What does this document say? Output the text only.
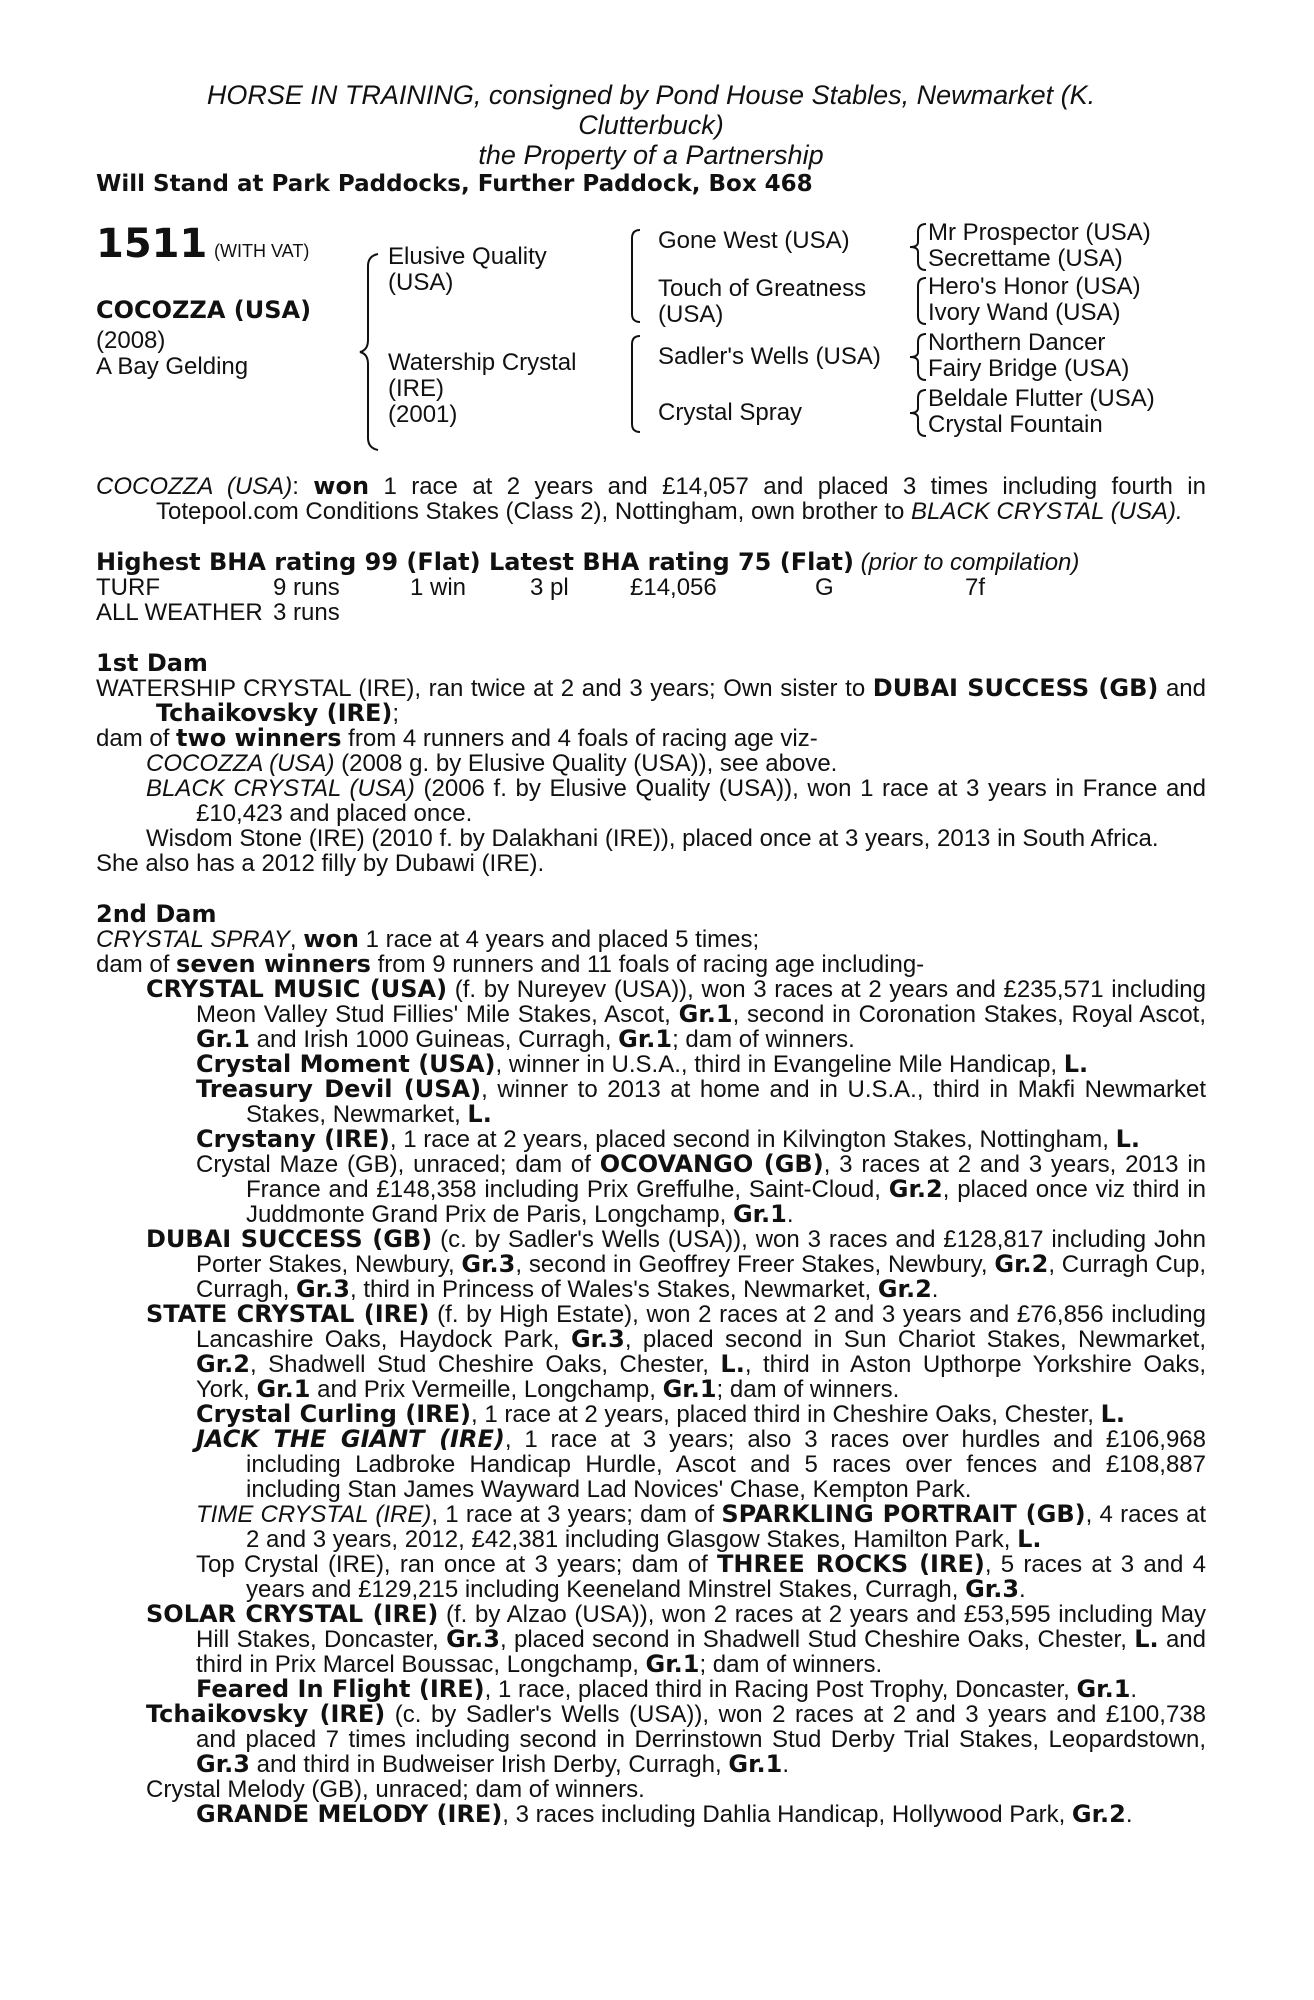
HORSE IN TRAINING, consigned by Pond House Stables, Newmarket (K.
Clutterbuck)
the Property of a Partnership
Will Stand at Park Paddocks, Further Paddock, Box 468
1511 (WITH VAT)
COCOZZA (USA)
(2008)
A Bay Gelding
Elusive Quality
(USA)
Watership Crystal
(IRE)
(2001)
Gone West (USA)
Touch of Greatness
(USA)
Sadler's Wells (USA)
Crystal Spray
Mr Prospector (USA)
Secrettame (USA)
Hero's Honor (USA)
Ivory Wand (USA)
Northern Dancer
Fairy Bridge (USA)
Beldale Flutter (USA)
Crystal Fountain

COCOZZA (USA): won 1 race at 2 years and £14,057 and placed 3 times including fourth in Totepool.com Conditions Stakes (Class 2), Nottingham, own brother to BLACK CRYSTAL (USA).

Highest BHA rating 99 (Flat) Latest BHA rating 75 (Flat) (prior to compilation)

TURF	9 runs	1 win	3 pl	£14,056	G	7f
ALL WEATHER	3 runs					

1st Dam

WATERSHIP CRYSTAL (IRE), ran twice at 2 and 3 years; Own sister to DUBAI SUCCESS (GB) and Tchaikovsky (IRE);

dam of two winners from 4 runners and 4 foals of racing age viz-

COCOZZA (USA) (2008 g. by Elusive Quality (USA)), see above.

BLACK CRYSTAL (USA) (2006 f. by Elusive Quality (USA)), won 1 race at 3 years in France and £10,423 and placed once.

Wisdom Stone (IRE) (2010 f. by Dalakhani (IRE)), placed once at 3 years, 2013 in South Africa.

She also has a 2012 filly by Dubawi (IRE).

2nd Dam

CRYSTAL SPRAY, won 1 race at 4 years and placed 5 times;

dam of seven winners from 9 runners and 11 foals of racing age including-

CRYSTAL MUSIC (USA) (f. by Nureyev (USA)), won 3 races at 2 years and £235,571 including Meon Valley Stud Fillies' Mile Stakes, Ascot, Gr.1, second in Coronation Stakes, Royal Ascot, Gr.1 and Irish 1000 Guineas, Curragh, Gr.1; dam of winners.

Crystal Moment (USA), winner in U.S.A., third in Evangeline Mile Handicap, L.

Treasury Devil (USA), winner to 2013 at home and in U.S.A., third in Makfi Newmarket Stakes, Newmarket, L.

Crystany (IRE), 1 race at 2 years, placed second in Kilvington Stakes, Nottingham, L.

Crystal Maze (GB), unraced; dam of OCOVANGO (GB), 3 races at 2 and 3 years, 2013 in France and £148,358 including Prix Greffulhe, Saint-Cloud, Gr.2, placed once viz third in Juddmonte Grand Prix de Paris, Longchamp, Gr.1.

DUBAI SUCCESS (GB) (c. by Sadler's Wells (USA)), won 3 races and £128,817 including John Porter Stakes, Newbury, Gr.3, second in Geoffrey Freer Stakes, Newbury, Gr.2, Curragh Cup, Curragh, Gr.3, third in Princess of Wales's Stakes, Newmarket, Gr.2.

STATE CRYSTAL (IRE) (f. by High Estate), won 2 races at 2 and 3 years and £76,856 including Lancashire Oaks, Haydock Park, Gr.3, placed second in Sun Chariot Stakes, Newmarket, Gr.2, Shadwell Stud Cheshire Oaks, Chester, L., third in Aston Upthorpe Yorkshire Oaks, York, Gr.1 and Prix Vermeille, Longchamp, Gr.1; dam of winners.

Crystal Curling (IRE), 1 race at 2 years, placed third in Cheshire Oaks, Chester, L.

JACK THE GIANT (IRE), 1 race at 3 years; also 3 races over hurdles and £106,968 including Ladbroke Handicap Hurdle, Ascot and 5 races over fences and £108,887 including Stan James Wayward Lad Novices' Chase, Kempton Park.

TIME CRYSTAL (IRE), 1 race at 3 years; dam of SPARKLING PORTRAIT (GB), 4 races at 2 and 3 years, 2012, £42,381 including Glasgow Stakes, Hamilton Park, L.

Top Crystal (IRE), ran once at 3 years; dam of THREE ROCKS (IRE), 5 races at 3 and 4 years and £129,215 including Keeneland Minstrel Stakes, Curragh, Gr.3.

SOLAR CRYSTAL (IRE) (f. by Alzao (USA)), won 2 races at 2 years and £53,595 including May Hill Stakes, Doncaster, Gr.3, placed second in Shadwell Stud Cheshire Oaks, Chester, L. and third in Prix Marcel Boussac, Longchamp, Gr.1; dam of winners.

Feared In Flight (IRE), 1 race, placed third in Racing Post Trophy, Doncaster, Gr.1.

Tchaikovsky (IRE) (c. by Sadler's Wells (USA)), won 2 races at 2 and 3 years and £100,738 and placed 7 times including second in Derrinstown Stud Derby Trial Stakes, Leopardstown, Gr.3 and third in Budweiser Irish Derby, Curragh, Gr.1.

Crystal Melody (GB), unraced; dam of winners.

GRANDE MELODY (IRE), 3 races including Dahlia Handicap, Hollywood Park, Gr.2.
